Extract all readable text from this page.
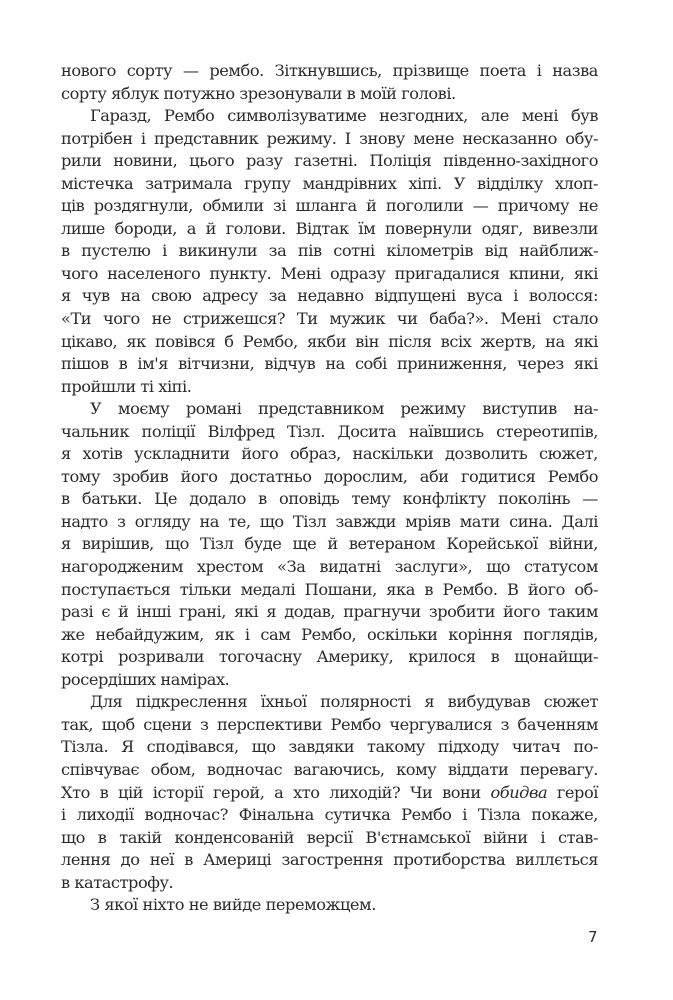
нового сорту — рембо. Зіткнувшись, прізвище поета і назва
сорту яблук потужно зрезонували в моїй голові.
Гаразд, Рембо символізуватиме незгодних, але мені був
потрібен і представник режиму. І знову мене несказанно обу-
рили новини, цього разу газетні. Поліція південно-західного
містечка затримала групу мандрівних хіпі. У відділку хлоп-
ців роздягнули, обмили зі шланга й поголили — причому не
лише бороди, а й голови. Відтак їм повернули одяг, вивезли
в пустелю і викинули за пів сотні кілометрів від найближ-
чого населеного пункту. Мені одразу пригадалися кпини, які
я чув на свою адресу за недавно відпущені вуса і волосся:
«Ти чого не стрижешся? Ти мужик чи баба?». Мені стало
цікаво, як повівся б Рембо, якби він після всіх жертв, на які
пішов в ім'я вітчизни, відчув на собі приниження, через які
пройшли ті хіпі.
У моєму романі представником режиму виступив на-
чальник поліції Вілфред Тізл. Досита наївшись стереотипів,
я хотів ускладнити його образ, наскільки дозволить сюжет,
тому зробив його достатньо дорослим, аби годитися Рембо
в батьки. Це додало в оповідь тему конфлікту поколінь —
надто з огляду на те, що Тізл завжди мріяв мати сина. Далі
я вирішив, що Тізл буде ще й ветераном Корейської війни,
нагородженим хрестом «За видатні заслуги», що статусом
поступається тільки медалі Пошани, яка в Рембо. В його об-
разі є й інші грані, які я додав, прагнучи зробити його таким
же небайдужим, як і сам Рембо, оскільки коріння поглядів,
котрі розривали тогочасну Америку, крилося в щонайщи-
росердіших намірах.
Для підкреслення їхньої полярності я вибудував сюжет
так, щоб сцени з перспективи Рембо чергувалися з баченням
Тізла. Я сподівався, що завдяки такому підходу читач по-
співчуває обом, водночас вагаючись, кому віддати перевагу.
Хто в цій історії герой, а хто лиходій? Чи вони обидва герої
і лиходії водночас? Фінальна сутичка Рембо і Тізла покаже,
що в такій конденсованій версії В'єтнамської війни і став-
лення до неї в Америці загострення протиборства виллється
в катастрофу.
З якої ніхто не вийде переможцем.
7
